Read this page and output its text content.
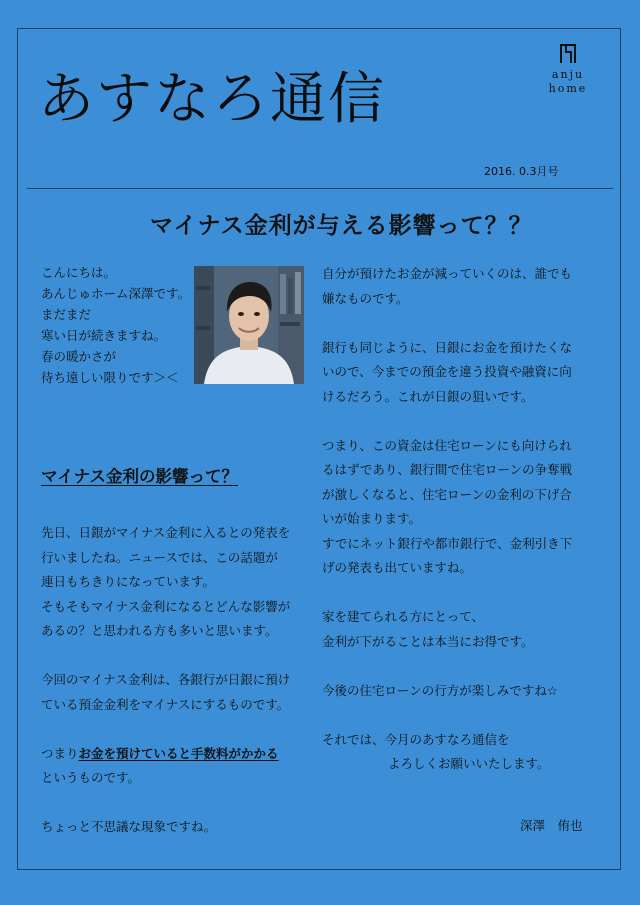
あすなろ通信	anju
home
2016. 0.3月号
マイナス金利が与える影響って？？

こんにちは。

あんじゅホーム深澤です。

まだまだ

寒い日が続きますね。

春の暖かさが

待ち遠しい限りです＞＜

マイナス金利の影響って？

先日、日銀がマイナス金利に入るとの発表を

行いましたね。ニュースでは、この話題が

連日もちきりになっています。

そもそもマイナス金利になるとどんな影響が

あるの？と思われる方も多いと思います。

今回のマイナス金利は、各銀行が日銀に預け

ている預金金利をマイナスにするものです。

つまりお金を預けていると手数料がかかる

というものです。

ちょっと不思議な現象ですね。

自分が預けたお金が減っていくのは、誰でも

嫌なものです。

銀行も同じように、日銀にお金を預けたくな

いので、今までの預金を違う投資や融資に向

けるだろう。これが日銀の狙いです。

つまり、この資金は住宅ローンにも向けられ

るはずであり、銀行間で住宅ローンの争奪戦

が激しくなると、住宅ローンの金利の下げ合

いが始まります。

すでにネット銀行や都市銀行で、金利引き下

げの発表も出ていますね。

家を建てられる方にとって、

金利が下がることは本当にお得です。

今後の住宅ローンの行方が楽しみですね☆

それでは、今月のあすなろ通信を

よろしくお願いいたします。

深澤　侑也
